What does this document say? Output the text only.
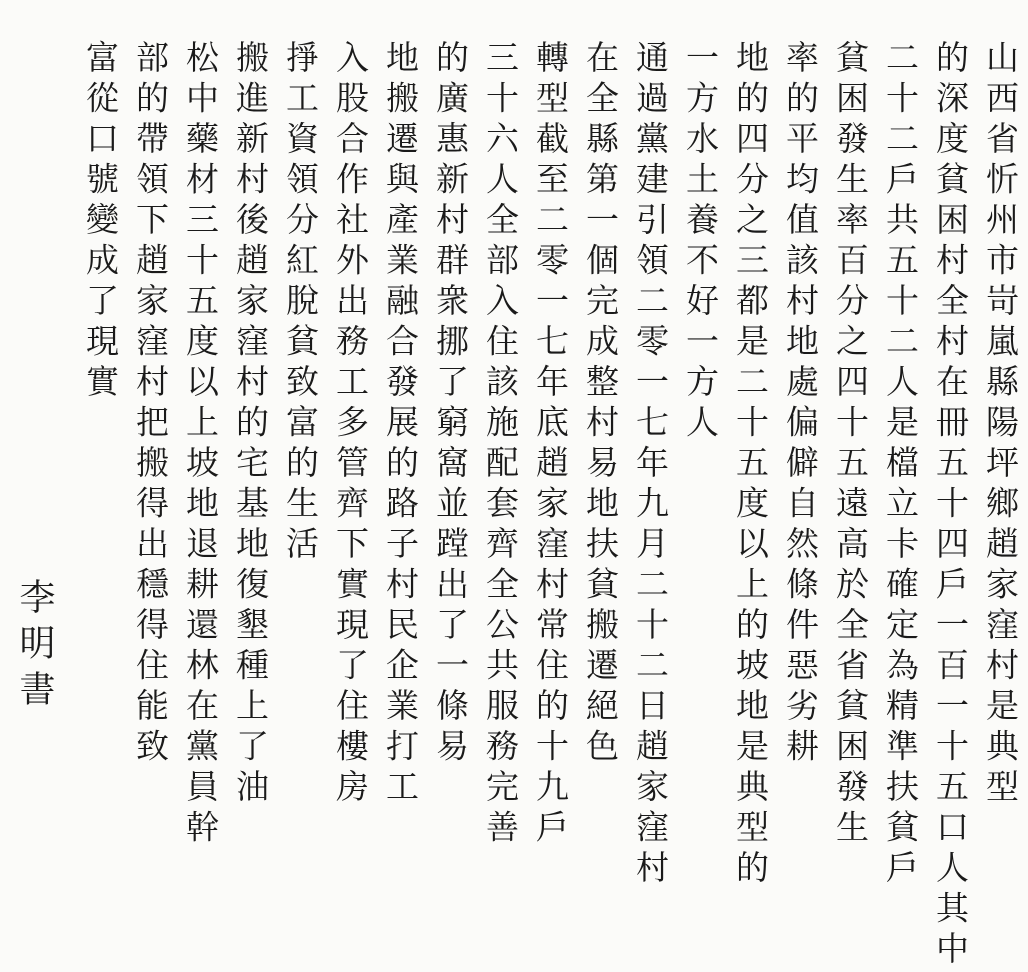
山西省忻州市岢嵐縣陽坪鄉趙家窪村是典型
的深度貧困村全村在冊五十四戶一百一十五口人其中
二十二戶共五十二人是檔立卡確定為精準扶貧戶
貧困發生率百分之四十五遠高於全省貧困發生
率的平均值該村地處偏僻自然條件惡劣耕
地的四分之三都是二十五度以上的坡地是典型的
一方水土養不好一方人
通過黨建引領二零一七年九月二十二日趙家窪村
在全縣第一個完成整村易地扶貧搬遷絕色
轉型截至二零一七年底趙家窪村常住的十九戶
三十六人全部入住該施配套齊全公共服務完善
的廣惠新村群衆挪了窮窩並蹚出了一條易
地搬遷與產業融合發展的路子村民企業打工
入股合作社外出務工多管齊下實現了住樓房
掙工資領分紅脫貧致富的生活
搬進新村後趙家窪村的宅基地復墾種上了油
松中藥材三十五度以上坡地退耕還林在黨員幹
部的帶領下趙家窪村把搬得出穩得住能致
富從口號變成了現實
李明書
